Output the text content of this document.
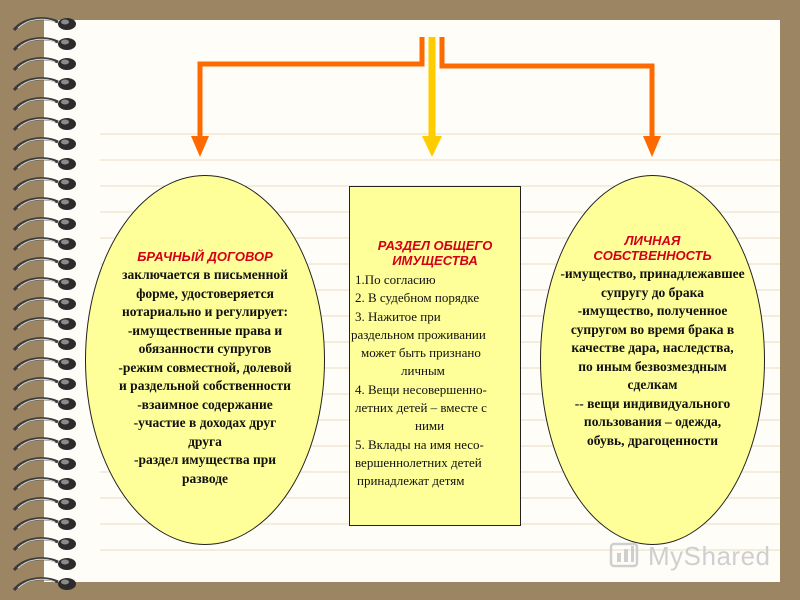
БРАЧНЫЙ ДОГОВОР
заключается в письменной
форме, удостоверяется
нотариально и регулирует:
-имущественные права и
обязанности супругов
-режим совместной, долевой
и раздельной собственности
-взаимное содержание
-участие в доходах друг
друга
-раздел имущества при
разводе
РАЗДЕЛ ОБЩЕГО
ИМУЩЕСТВА
1.По согласию
2. В судебном порядке
3. Нажитое при
раздельном проживании
может быть признано
личным
4. Вещи несовершенно-
летних детей – вместе с
ними
5. Вклады на имя несо-
вершеннолетних детей
принадлежат детям
ЛИЧНАЯ
СОБСТВЕННОСТЬ
-имущество, принадлежавшее
супругу до брака
-имущество, полученное
супругом во время брака в
качестве дара, наследства,
по иным безвозмездным
сделкам
-- вещи индивидуального
пользования – одежда,
обувь, драгоценности
MyShared
